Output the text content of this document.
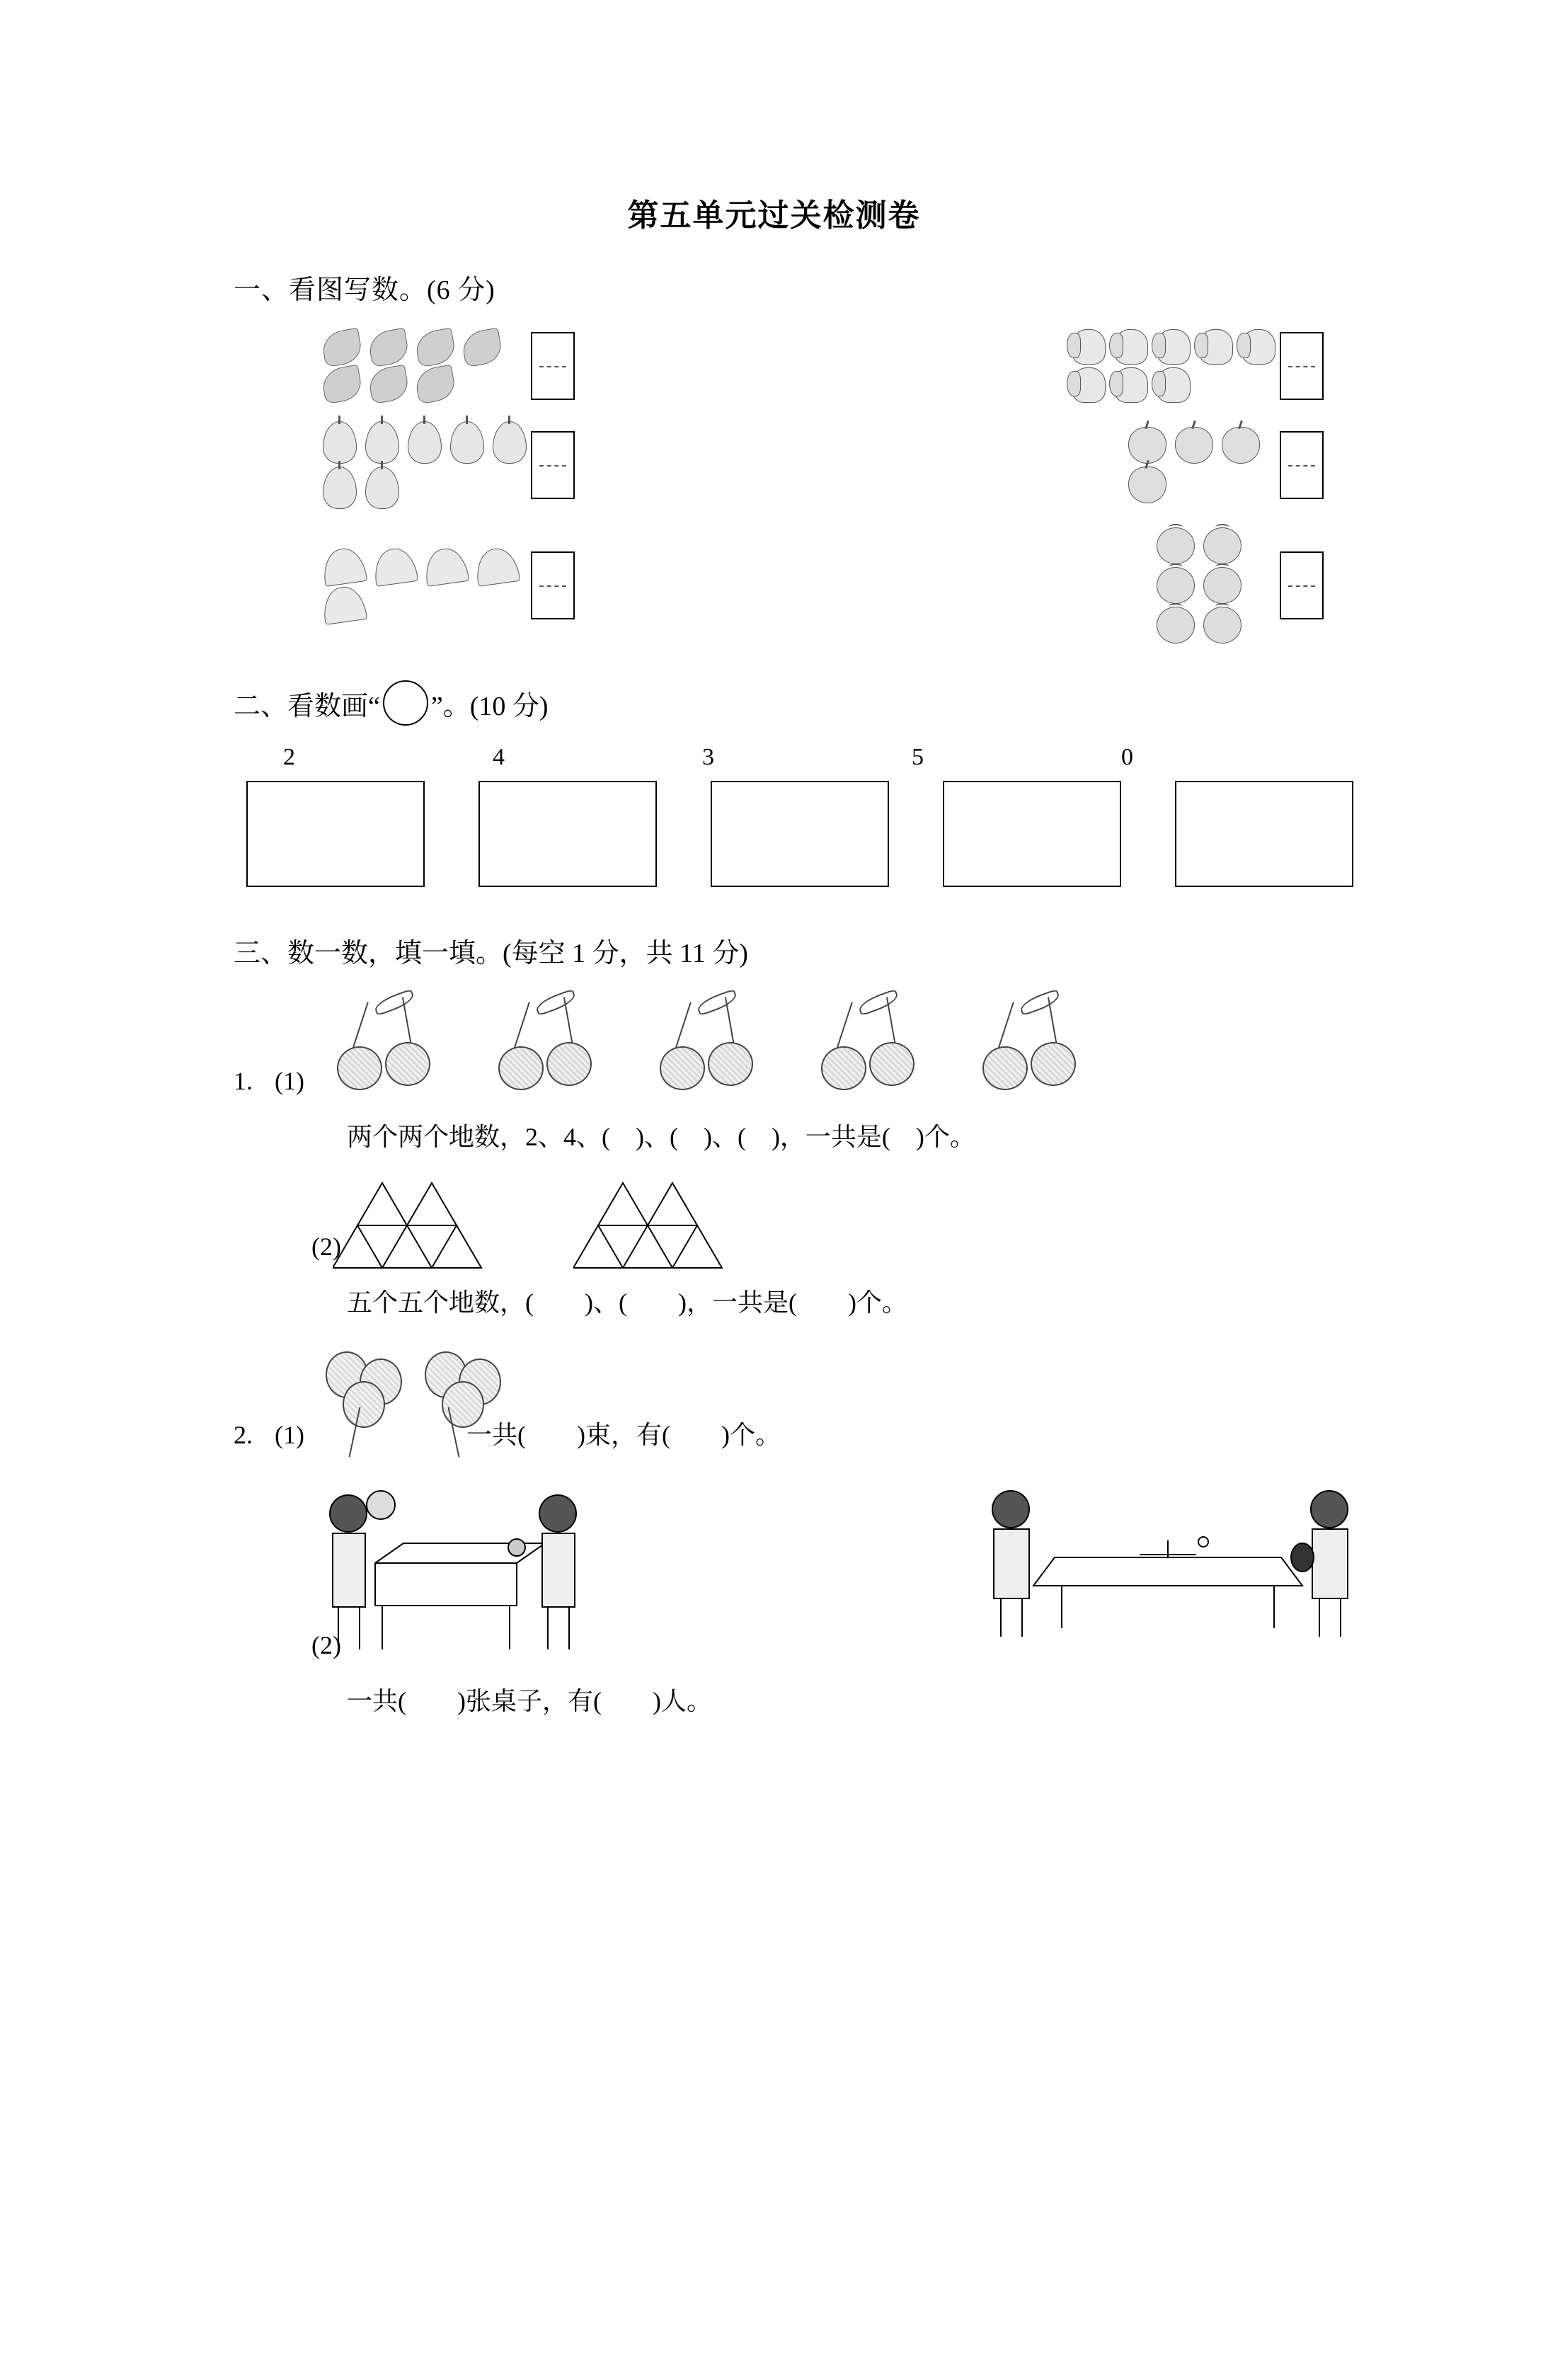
第五单元过关检测卷
一、看图写数。(6 分)
二、看数画“ ”。(10 分)
2	4	3	5	0
三、数一数，填一填。(每空 1 分，共 11 分)
1. (1)
两个两个地数，2、4、(　)、(　)、(　)，一共是(　)个。
(2)
五个五个地数，(　　)、(　　)，一共是(　　)个。
2. (1)	一共(　　)束，有(　　)个。
(2)
一共(　　)张桌子，有(　　)人。
